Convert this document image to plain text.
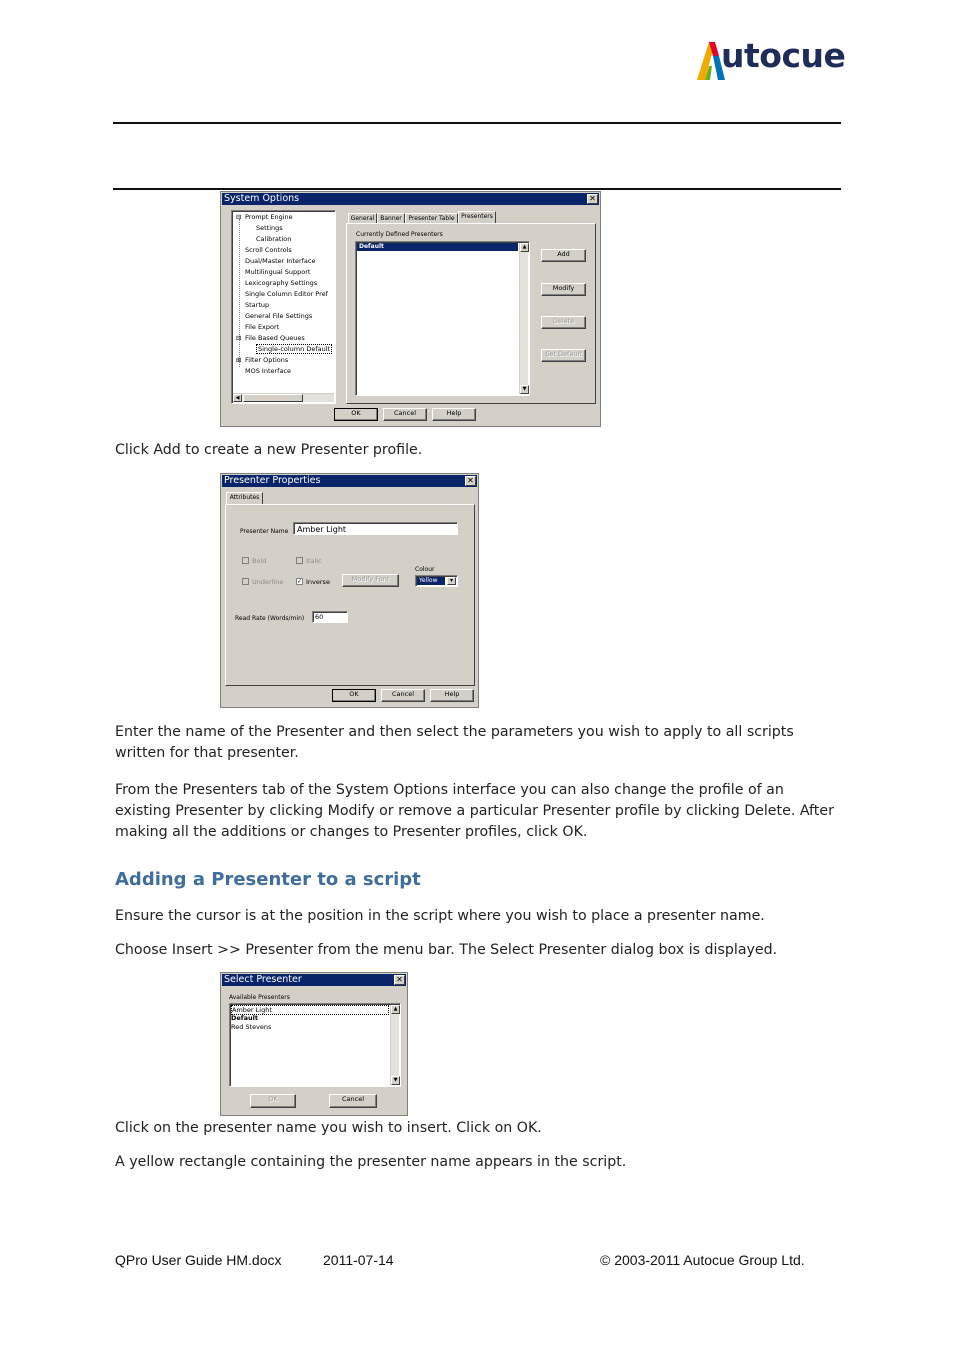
utocue
System Options	✕
⊟ Prompt Engine
Settings
Calibration
Scroll Controls
Dual/Master Interface
Multilingual Support
Lexicography Settings
Single Column Editor Pref
Startup
General File Settings
File Export
⊟ File Based Queues
Single-column Default
⊞ Filter Options
MOS Interface
◀
General Banner	Presenter Table	Presenters
Currently Defined Presenters
Default	▲
▼
Add
Modify
Delete
Set Default
OK	Cancel	Help
Click Add to create a new Presenter profile.
Presenter Properties	✕
Attributes
Presenter Name Amber Light
Bold	Italic
Underline ✓ Inverse	Modify Font
Colour
Yellow	▾
Read Rate (Words/min) 60
OK	Cancel	Help
Enter the name of the Presenter and then select the parameters you wish to apply to all scripts written for that presenter.
From the Presenters tab of the System Options interface you can also change the profile of an existing Presenter by clicking Modify or remove a particular Presenter profile by clicking Delete. After making all the additions or changes to Presenter profiles, click OK.
Adding a Presenter to a script
Ensure the cursor is at the position in the script where you wish to place a presenter name.
Choose Insert >> Presenter from the menu bar. The Select Presenter dialog box is displayed.
Select Presenter	✕
Available Presenters
Amber Light
Default
Red Stevens
▲
▼
OK	Cancel
Click on the presenter name you wish to insert. Click on OK.
A yellow rectangle containing the presenter name appears in the script.
QPro User Guide HM.docx	2011-07-14	© 2003-2011 Autocue Group Ltd.
